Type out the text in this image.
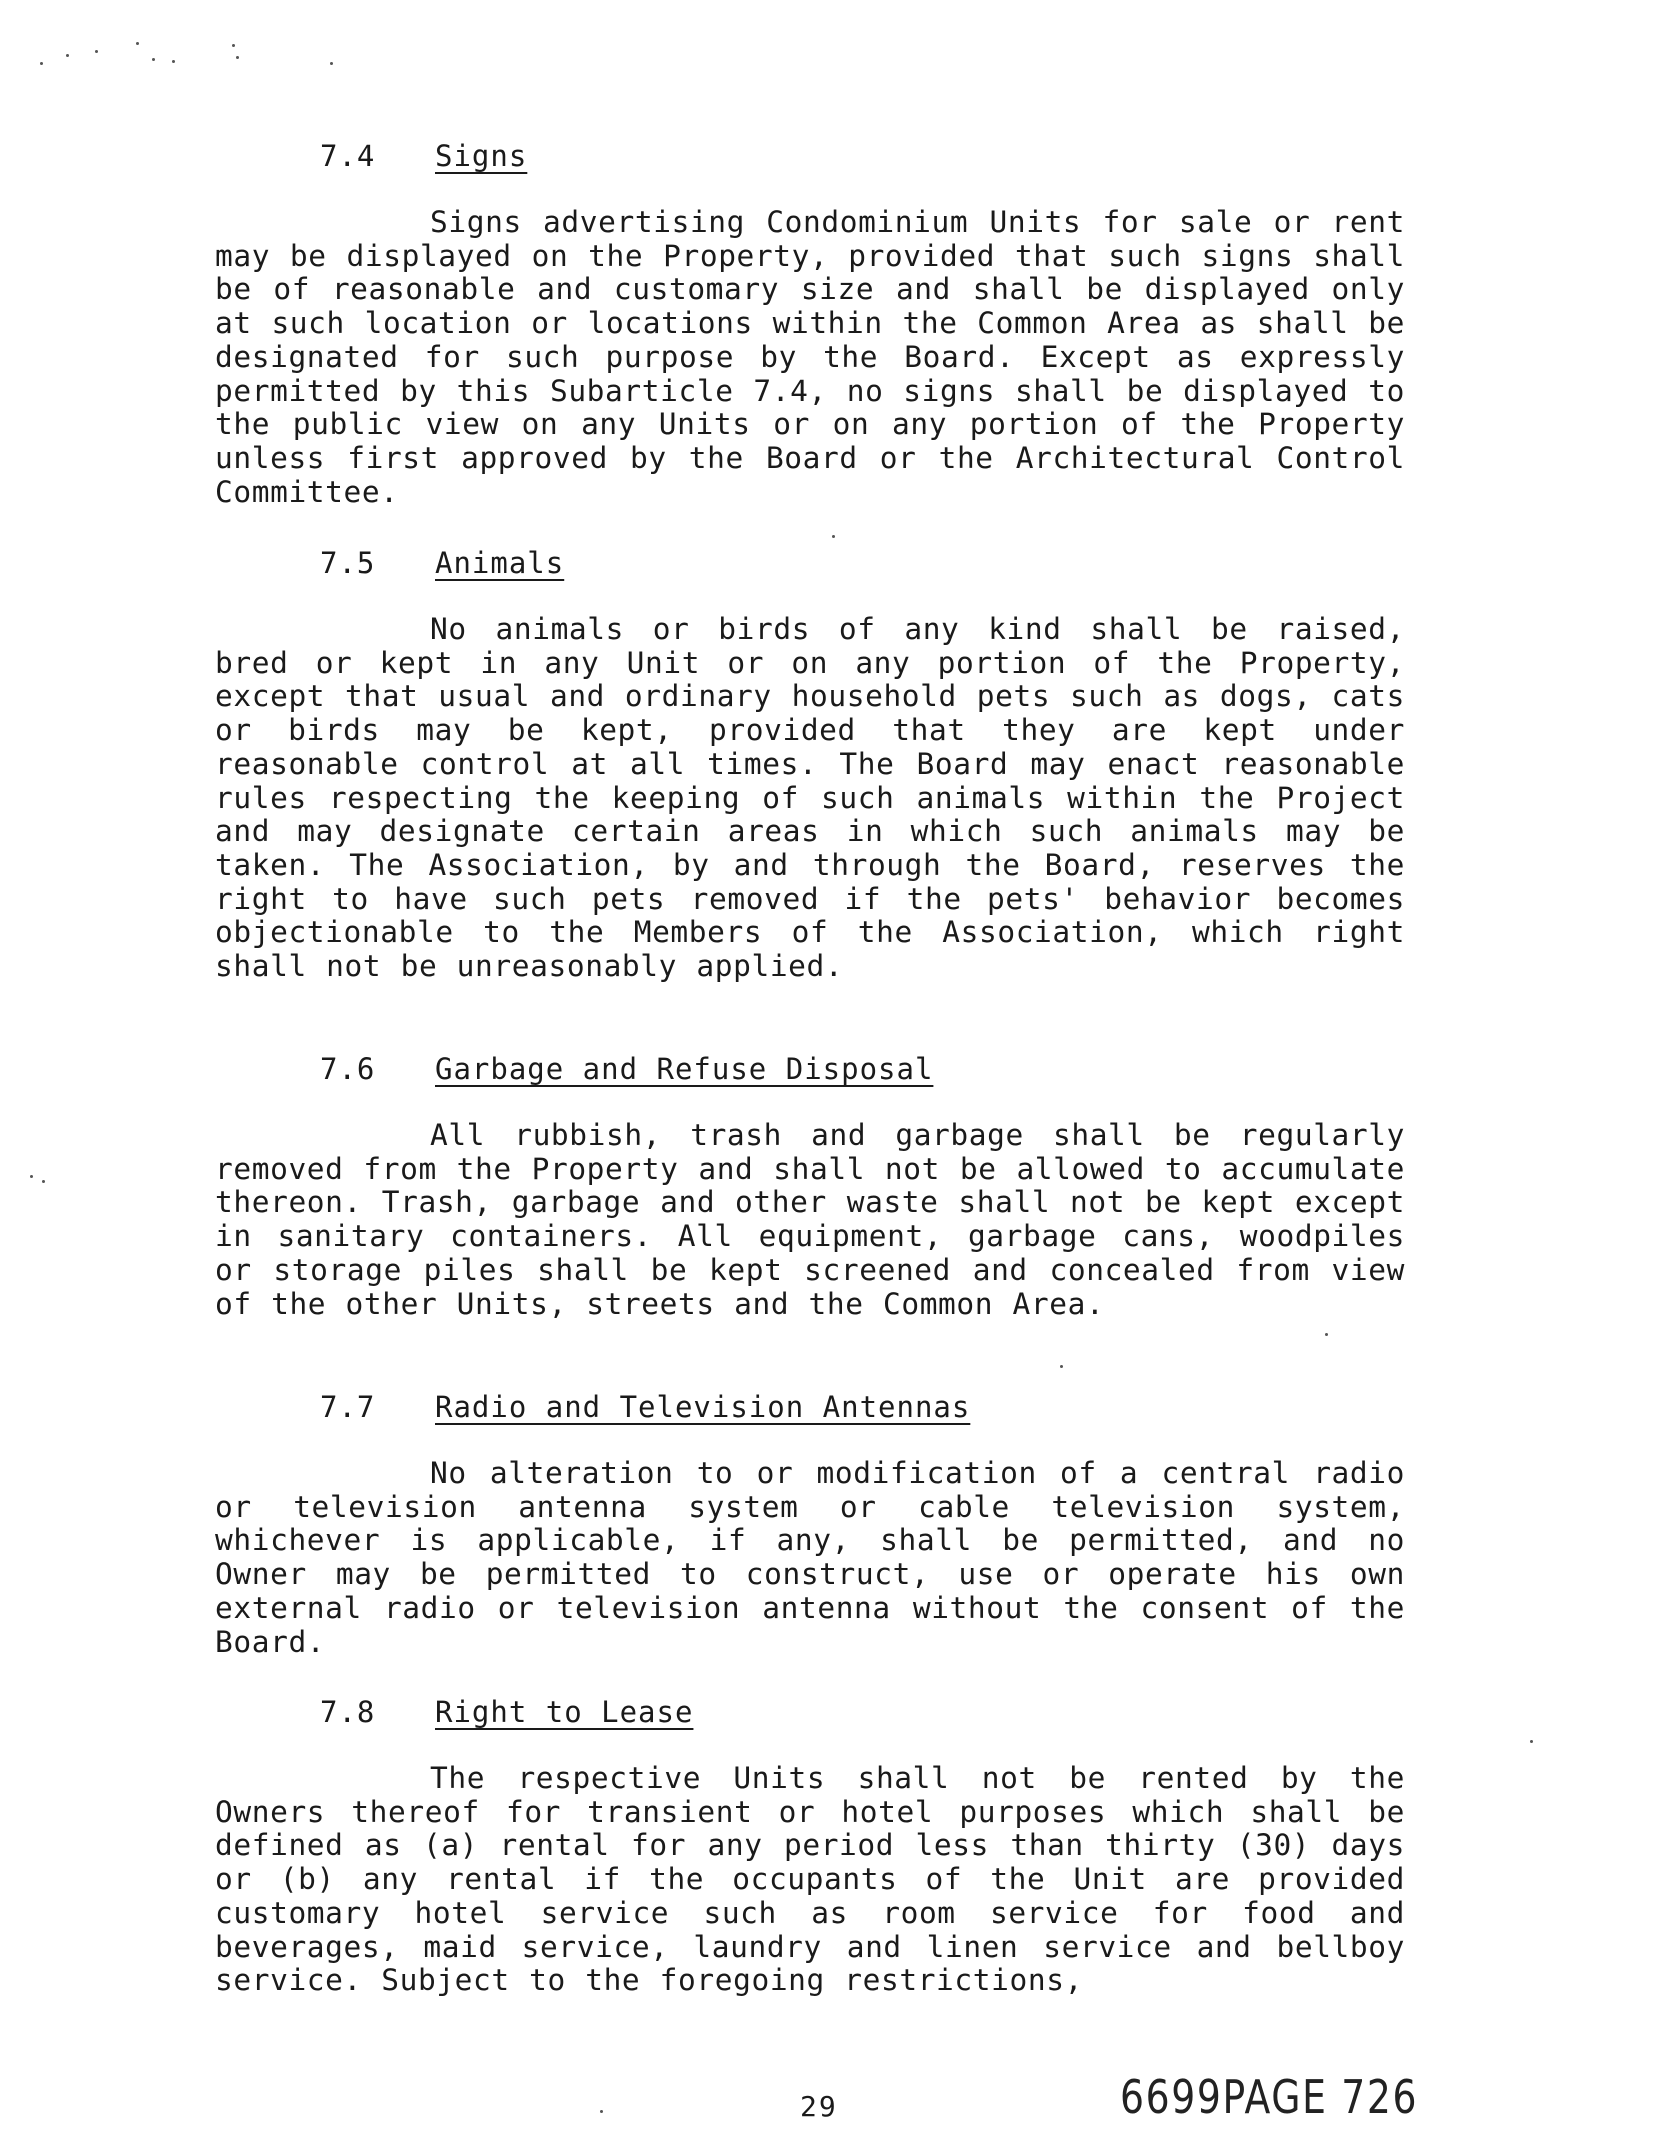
7.4 Signs

Signs advertising Condominium Units for sale or rent may be displayed on the Property, provided that such signs shall be of reasonable and customary size and shall be displayed only at such location or locations within the Common Area as shall be designated for such purpose by the Board. Except as expressly permitted by this Subarticle 7.4, no signs shall be displayed to the public view on any Units or on any portion of the Property unless first approved by the Board or the Architectural Control Committee.

7.5 Animals

No animals or birds of any kind shall be raised, bred or kept in any Unit or on any portion of the Property, except that usual and ordinary household pets such as dogs, cats or birds may be kept, provided that they are kept under reasonable control at all times. The Board may enact reasonable rules respecting the keeping of such animals within the Project and may designate certain areas in which such animals may be taken. The Association, by and through the Board, reserves the right to have such pets removed if the pets' behavior becomes objectionable to the Members of the Association, which right shall not be unreasonably applied.

7.6 Garbage and Refuse Disposal

All rubbish, trash and garbage shall be regularly removed from the Property and shall not be allowed to accumulate thereon. Trash, garbage and other waste shall not be kept except in sanitary containers. All equipment, garbage cans, woodpiles or storage piles shall be kept screened and concealed from view of the other Units, streets and the Common Area.

7.7 Radio and Television Antennas

No alteration to or modification of a central radio or television antenna system or cable television system, whichever is applicable, if any, shall be permitted, and no Owner may be permitted to construct, use or operate his own external radio or television antenna without the consent of the Board.

7.8 Right to Lease

The respective Units shall not be rented by the Owners thereof for transient or hotel purposes which shall be defined as (a) rental for any period less than thirty (30) days or (b) any rental if the occupants of the Unit are provided customary hotel service such as room service for food and beverages, maid service, laundry and linen service and bellboy service. Subject to the foregoing restrictions,

29	6699PAGE 726
